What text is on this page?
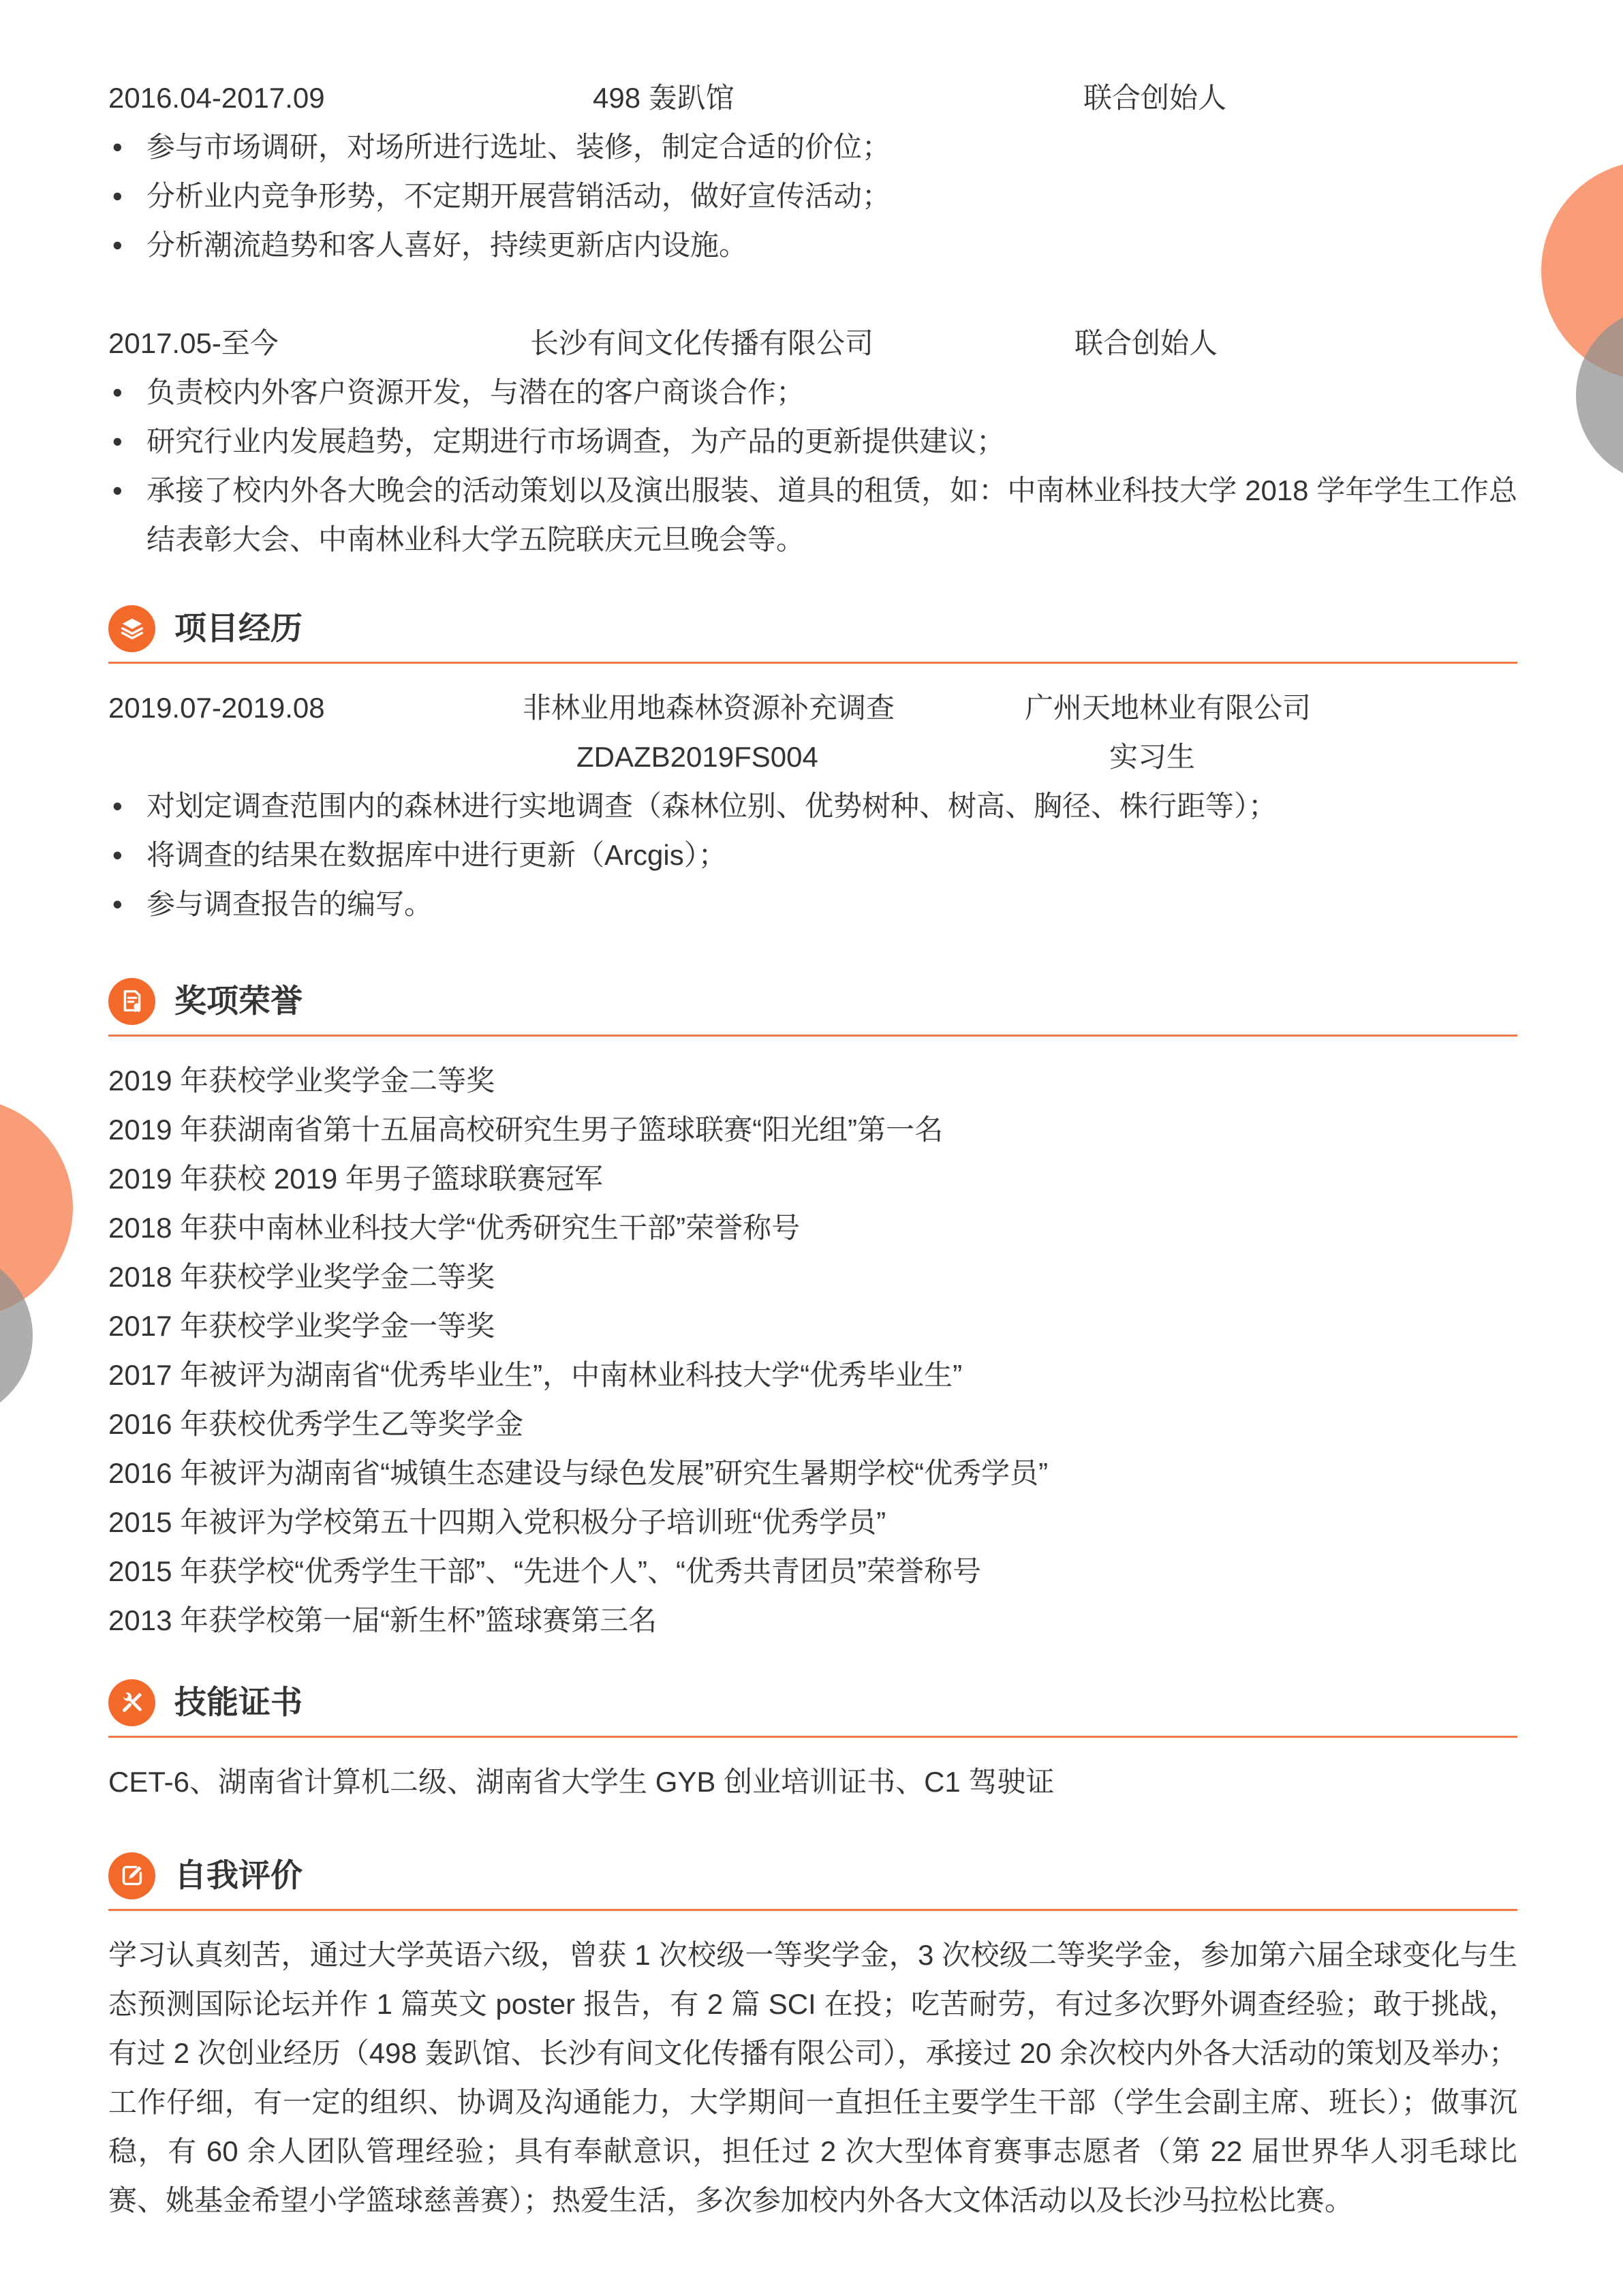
2016.04-2017.09	498 轰趴馆	联合创始人
• 参与市场调研，对场所进行选址、装修，制定合适的价位；
• 分析业内竞争形势，不定期开展营销活动，做好宣传活动；
• 分析潮流趋势和客人喜好，持续更新店内设施。
2017.05-至今	长沙有间文化传播有限公司	联合创始人
• 负责校内外客户资源开发，与潜在的客户商谈合作；
• 研究行业内发展趋势，定期进行市场调查，为产品的更新提供建议；
• 承接了校内外各大晚会的活动策划以及演出服装、道具的租赁，如：中南林业科技大学 2018 学年学生工作总结表彰大会、中南林业科大学五院联庆元旦晚会等。
项目经历
2019.07-2019.08	非林业用地森林资源补充调查	广州天地林业有限公司
ZDAZB2019FS004	实习生
• 对划定调查范围内的森林进行实地调查（森林位别、优势树种、树高、胸径、株行距等）；
• 将调查的结果在数据库中进行更新（Arcgis）；
• 参与调查报告的编写。
奖项荣誉
2019 年获校学业奖学金二等奖
2019 年获湖南省第十五届高校研究生男子篮球联赛“阳光组”第一名
2019 年获校 2019 年男子篮球联赛冠军
2018 年获中南林业科技大学“优秀研究生干部”荣誉称号
2018 年获校学业奖学金二等奖
2017 年获校学业奖学金一等奖
2017 年被评为湖南省“优秀毕业生”，中南林业科技大学“优秀毕业生”
2016 年获校优秀学生乙等奖学金
2016 年被评为湖南省“城镇生态建设与绿色发展”研究生暑期学校“优秀学员”
2015 年被评为学校第五十四期入党积极分子培训班“优秀学员”
2015 年获学校“优秀学生干部”、“先进个人”、“优秀共青团员”荣誉称号
2013 年获学校第一届“新生杯”篮球赛第三名
技能证书
CET-6、湖南省计算机二级、湖南省大学生 GYB 创业培训证书、C1 驾驶证
自我评价
学习认真刻苦，通过大学英语六级，曾获 1 次校级一等奖学金，3 次校级二等奖学金，参加第六届全球变化与生态预测国际论坛并作 1 篇英文 poster 报告，有 2 篇 SCI 在投；吃苦耐劳，有过多次野外调查经验；敢于挑战，有过 2 次创业经历（498 轰趴馆、长沙有间文化传播有限公司），承接过 20 余次校内外各大活动的策划及举办；工作仔细，有一定的组织、协调及沟通能力，大学期间一直担任主要学生干部（学生会副主席、班长）；做事沉稳，有 60 余人团队管理经验；具有奉献意识，担任过 2 次大型体育赛事志愿者（第 22 届世界华人羽毛球比赛、姚基金希望小学篮球慈善赛）；热爱生活，多次参加校内外各大文体活动以及长沙马拉松比赛。
